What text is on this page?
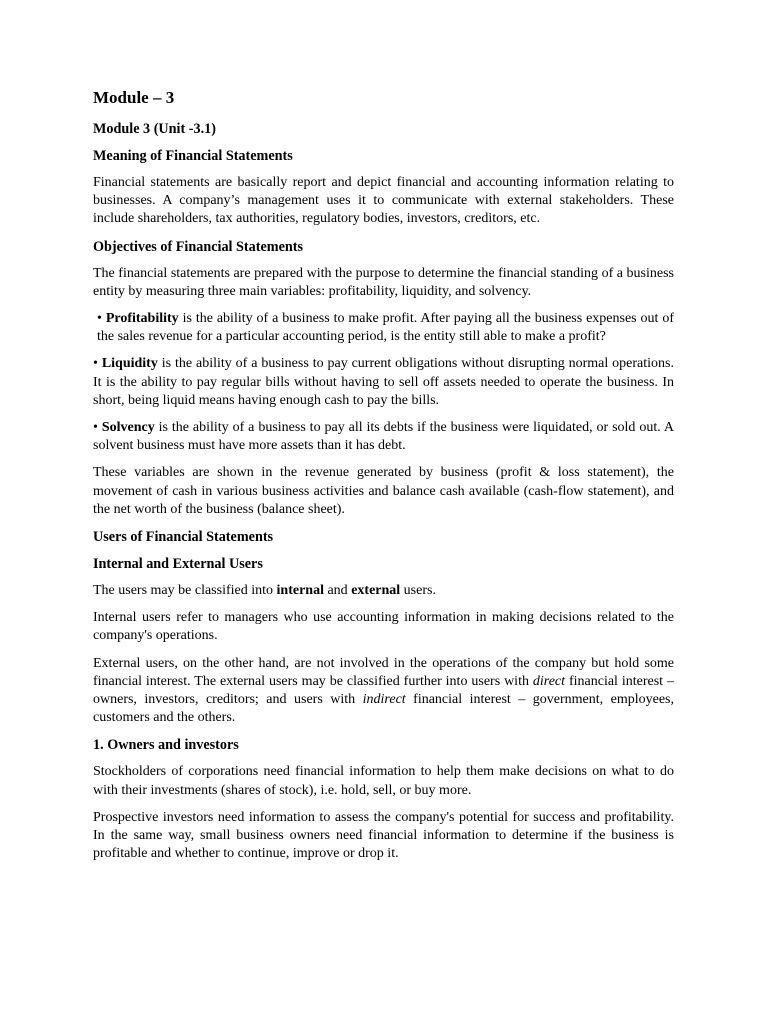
Module – 3
Module 3 (Unit -3.1)
Meaning of Financial Statements

Financial statements are basically report and depict financial and accounting information relating to businesses. A company’s management uses it to communicate with external stakeholders. These include shareholders, tax authorities, regulatory bodies, investors, creditors, etc.

Objectives of Financial Statements

The financial statements are prepared with the purpose to determine the financial standing of a business entity by measuring three main variables: profitability, liquidity, and solvency.

• Profitability is the ability of a business to make profit. After paying all the business expenses out of the sales revenue for a particular accounting period, is the entity still able to make a profit?

• Liquidity is the ability of a business to pay current obligations without disrupting normal operations. It is the ability to pay regular bills without having to sell off assets needed to operate the business. In short, being liquid means having enough cash to pay the bills.

• Solvency is the ability of a business to pay all its debts if the business were liquidated, or sold out. A solvent business must have more assets than it has debt.

These variables are shown in the revenue generated by business (profit & loss statement), the movement of cash in various business activities and balance cash available (cash-flow statement), and the net worth of the business (balance sheet).

Users of Financial Statements
Internal and External Users

The users may be classified into internal and external users.

Internal users refer to managers who use accounting information in making decisions related to the company's operations.

External users, on the other hand, are not involved in the operations of the company but hold some financial interest. The external users may be classified further into users with direct financial interest – owners, investors, creditors; and users with indirect financial interest – government, employees, customers and the others.

1. Owners and investors

Stockholders of corporations need financial information to help them make decisions on what to do with their investments (shares of stock), i.e. hold, sell, or buy more.

Prospective investors need information to assess the company's potential for success and profitability. In the same way, small business owners need financial information to determine if the business is profitable and whether to continue, improve or drop it.
